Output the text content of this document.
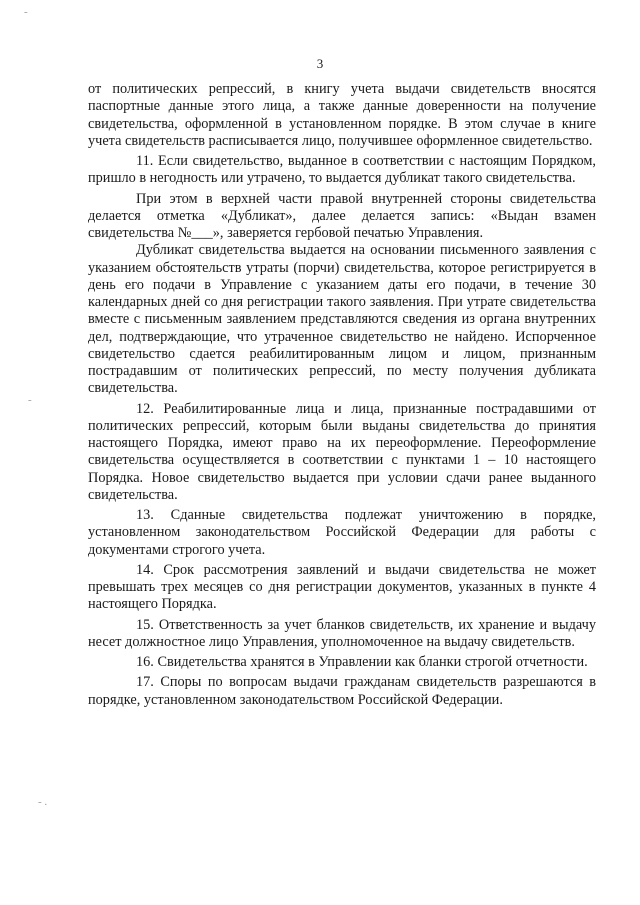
-
-
- .
3

от политических репрессий, в книгу учета выдачи свидетельств вносятся паспортные данные этого лица, а также данные доверенности на получение свидетельства, оформленной в установленном порядке. В этом случае в книге учета свидетельств расписывается лицо, получившее оформленное свидетельство.

11. Если свидетельство, выданное в соответствии с настоящим Порядком, пришло в негодность или утрачено, то выдается дубликат такого свидетельства.

При этом в верхней части правой внутренней стороны свидетельства делается отметка «Дубликат», далее делается запись: «Выдан взамен свидетельства №___», заверяется гербовой печатью Управления.

Дубликат свидетельства выдается на основании письменного заявления с указанием обстоятельств утраты (порчи) свидетельства, которое регистрируется в день его подачи в Управление с указанием даты его подачи, в течение 30 календарных дней со дня регистрации такого заявления. При утрате свидетельства вместе с письменным заявлением представляются сведения из органа внутренних дел, подтверждающие, что утраченное свидетельство не найдено. Испорченное свидетельство сдается реабилитированным лицом и лицом, признанным пострадавшим от политических репрессий, по месту получения дубликата свидетельства.

12. Реабилитированные лица и лица, признанные пострадавшими от политических репрессий, которым были выданы свидетельства до принятия настоящего Порядка, имеют право на их переоформление. Переоформление свидетельства осуществляется в соответствии с пунктами 1 – 10 настоящего Порядка. Новое свидетельство выдается при условии сдачи ранее выданного свидетельства.

13. Сданные свидетельства подлежат уничтожению в порядке, установленном законодательством Российской Федерации для работы с документами строгого учета.

14. Срок рассмотрения заявлений и выдачи свидетельства не может превышать трех месяцев со дня регистрации документов, указанных в пункте 4 настоящего Порядка.

15. Ответственность за учет бланков свидетельств, их хранение и выдачу несет должностное лицо Управления, уполномоченное на выдачу свидетельств.

16. Свидетельства хранятся в Управлении как бланки строгой отчетности.

17. Споры по вопросам выдачи гражданам свидетельств разрешаются в порядке, установленном законодательством Российской Федерации.
